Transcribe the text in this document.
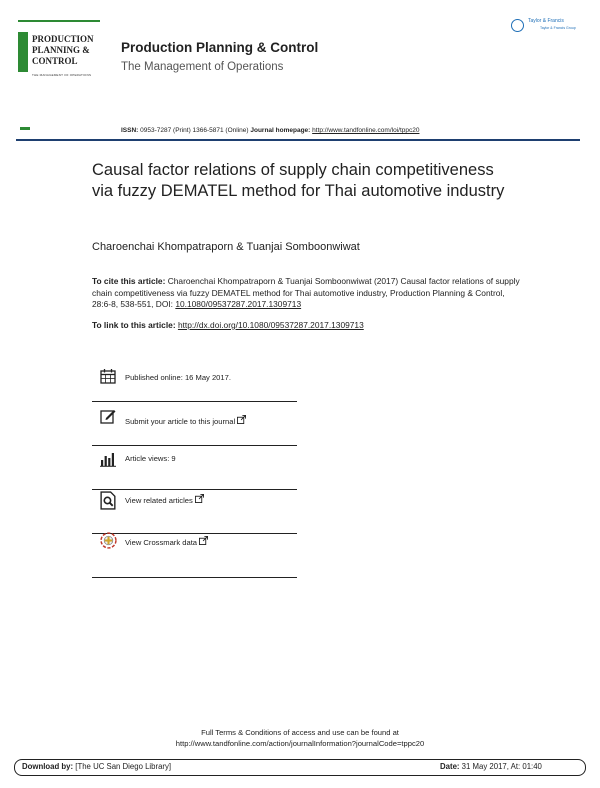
PRODUCTION
PLANNING &
CONTROL
THE MANAGEMENT OF OPERATIONS
Production Planning & Control
The Management of Operations
Taylor & Francis
Taylor & Francis Group
ISSN: 0953-7287 (Print) 1366-5871 (Online) Journal homepage: http://www.tandfonline.com/loi/tppc20
Causal factor relations of supply chain competitiveness via fuzzy DEMATEL method for Thai automotive industry
Charoenchai Khompatraporn & Tuanjai Somboonwiwat
To cite this article: Charoenchai Khompatraporn & Tuanjai Somboonwiwat (2017) Causal factor relations of supply chain competitiveness via fuzzy DEMATEL method for Thai automotive industry, Production Planning & Control, 28:6-8, 538-551, DOI: 10.1080/09537287.2017.1309713
To link to this article: http://dx.doi.org/10.1080/09537287.2017.1309713
Published online: 16 May 2017.
Submit your article to this journal
Article views: 9
View related articles
View Crossmark data
Full Terms & Conditions of access and use can be found at
http://www.tandfonline.com/action/journalInformation?journalCode=tppc20
Download by: [The UC San Diego Library]	Date: 31 May 2017, At: 01:40
